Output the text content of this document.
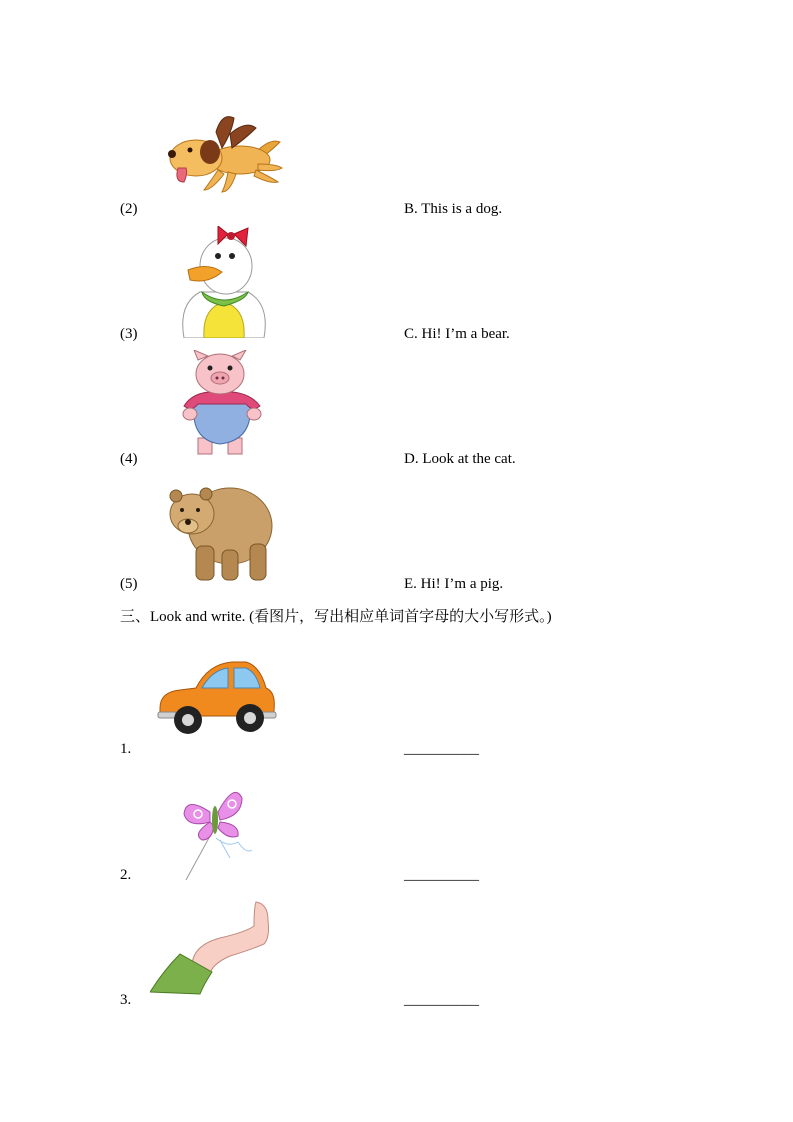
(2)	B. This is a dog.
(3)	C. Hi! I’m a bear.
(4)	D. Look at the cat.
(5)	E. Hi! I’m a pig.
三、Look and write. (看图片，写出相应单词首字母的大小写形式。)
1.	__________
2.	__________
3.	__________
